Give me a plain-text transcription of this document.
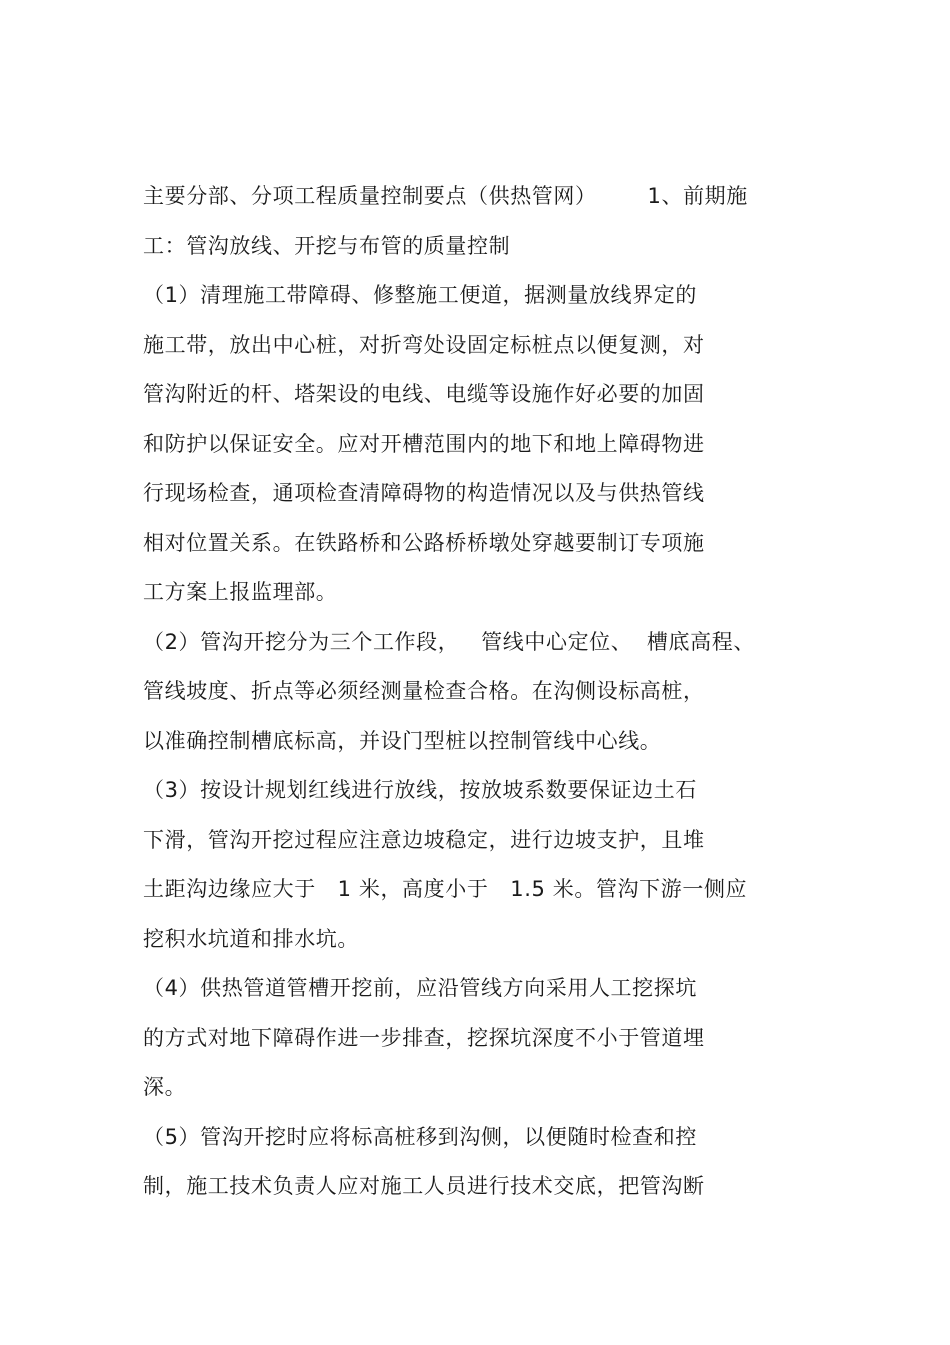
主要分部、分项工程质量控制要点（供热管网）       1、前期施
工：管沟放线、开挖与布管的质量控制
（1）清理施工带障碍、修整施工便道，据测量放线界定的
施工带，放出中心桩，对折弯处设固定标桩点以便复测，对
管沟附近的杆、塔架设的电线、电缆等设施作好必要的加固
和防护以保证安全。应对开槽范围内的地下和地上障碍物进
行现场检查，通项检查清障碍物的构造情况以及与供热管线
相对位置关系。在铁路桥和公路桥桥墩处穿越要制订专项施
工方案上报监理部。
（2）管沟开挖分为三个工作段，   管线中心定位、  槽底高程、
管线坡度、折点等必须经测量检查合格。在沟侧设标高桩，
以准确控制槽底标高，并设门型桩以控制管线中心线。
（3）按设计规划红线进行放线，按放坡系数要保证边土石
下滑，管沟开挖过程应注意边坡稳定，进行边坡支护，且堆
土距沟边缘应大于   1 米，高度小于   1.5 米。管沟下游一侧应
挖积水坑道和排水坑。
（4）供热管道管槽开挖前，应沿管线方向采用人工挖探坑
的方式对地下障碍作进一步排查，挖探坑深度不小于管道埋
深。
（5）管沟开挖时应将标高桩移到沟侧，以便随时检查和控
制，施工技术负责人应对施工人员进行技术交底，把管沟断
